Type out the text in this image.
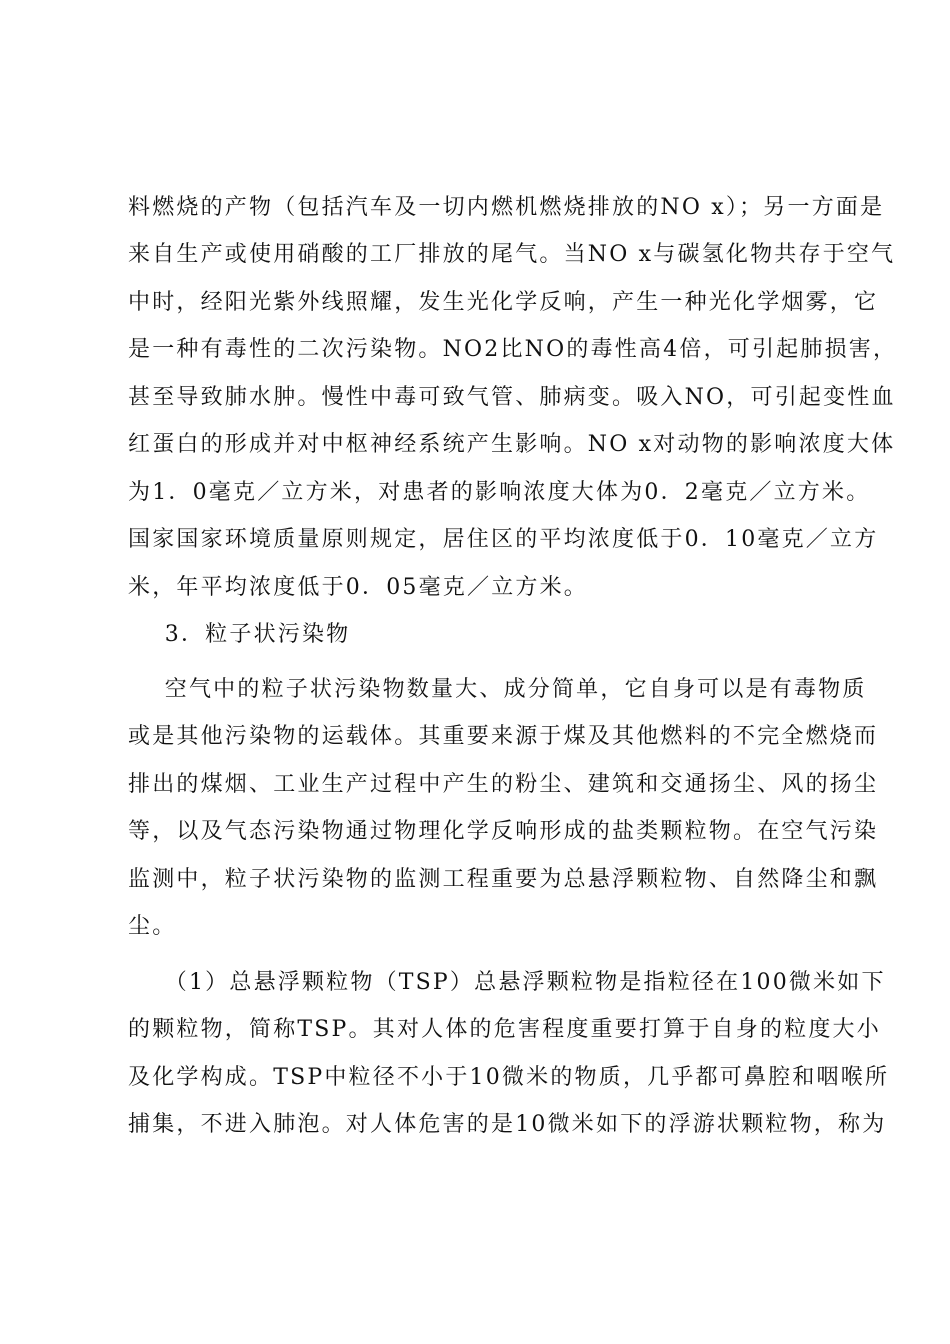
料燃烧的产物（包括汽车及一切内燃机燃烧排放的NO x）；另一方面是

来自生产或使用硝酸的工厂排放的尾气。当NO x与碳氢化物共存于空气

中时，经阳光紫外线照耀，发生光化学反响，产生一种光化学烟雾，它

是一种有毒性的二次污染物。NO2比NO的毒性高4倍，可引起肺损害，

甚至导致肺水肿。慢性中毒可致气管、肺病变。吸入NO，可引起变性血

红蛋白的形成并对中枢神经系统产生影响。NO x对动物的影响浓度大体

为1．0毫克／立方米，对患者的影响浓度大体为0．2毫克／立方米。

国家国家环境质量原则规定，居住区的平均浓度低于0．10毫克／立方

米，年平均浓度低于0．05毫克／立方米。

3．粒子状污染物

空气中的粒子状污染物数量大、成分简单，它自身可以是有毒物质

或是其他污染物的运载体。其重要来源于煤及其他燃料的不完全燃烧而

排出的煤烟、工业生产过程中产生的粉尘、建筑和交通扬尘、风的扬尘

等，以及气态污染物通过物理化学反响形成的盐类颗粒物。在空气污染

监测中，粒子状污染物的监测工程重要为总悬浮颗粒物、自然降尘和飘

尘。

（1）总悬浮颗粒物（TSP）总悬浮颗粒物是指粒径在100微米如下

的颗粒物，简称TSP。其对人体的危害程度重要打算于自身的粒度大小

及化学构成。TSP中粒径不小于10微米的物质，几乎都可鼻腔和咽喉所

捕集，不进入肺泡。对人体危害的是10微米如下的浮游状颗粒物，称为
